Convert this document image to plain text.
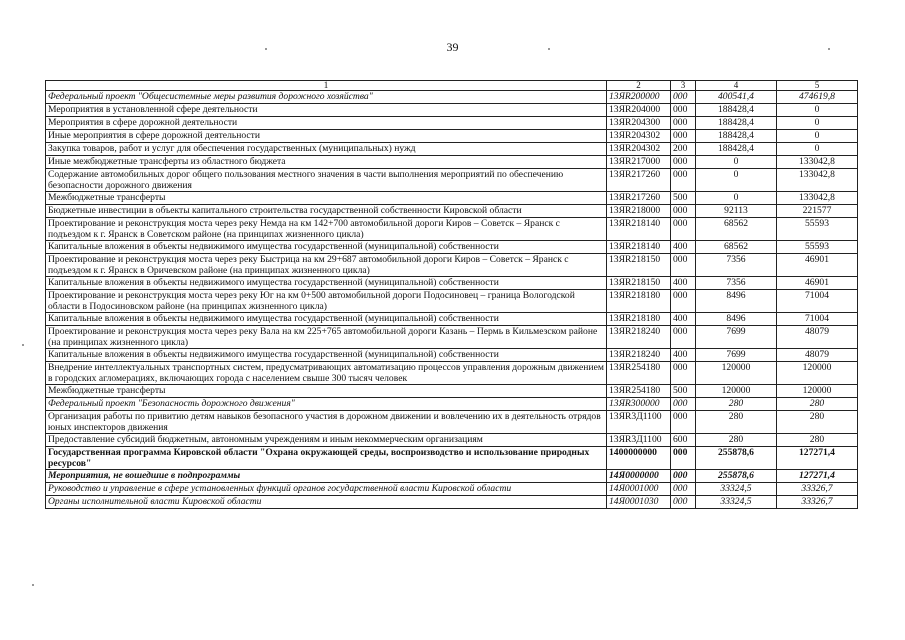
39
1	2	3	4	5
Федеральный проект "Общесистемные меры развития дорожного хозяйства"	13ЯR200000	000	400541,4	474619,8
Мероприятия в установленной сфере деятельности	13ЯR204000	000	188428,4	0
Мероприятия в сфере дорожной деятельности	13ЯR204300	000	188428,4	0
Иные мероприятия в сфере дорожной деятельности	13ЯR204302	000	188428,4	0
Закупка товаров, работ и услуг для обеспечения государственных (муниципальных) нужд	13ЯR204302	200	188428,4	0
Иные межбюджетные трансферты из областного бюджета	13ЯR217000	000	0	133042,8
Содержание автомобильных дорог общего пользования местного значения в части выполнения мероприятий по обеспечению безопасности дорожного движения	13ЯR217260	000	0	133042,8
Межбюджетные трансферты	13ЯR217260	500	0	133042,8
Бюджетные инвестиции в объекты капитального строительства государственной собственности Кировской области	13ЯR218000	000	92113	221577
Проектирование и реконструкция моста через реку Немда на км 142+700 автомобильной дороги Киров – Советск – Яранск с подъездом к г. Яранск в Советском районе (на принципах жизненного цикла)	13ЯR218140	000	68562	55593
Капитальные вложения в объекты недвижимого имущества государственной (муниципальной) собственности	13ЯR218140	400	68562	55593
Проектирование и реконструкция моста через реку Быстрица на км 29+687 автомобильной дороги Киров – Советск – Яранск с подъездом к г. Яранск в Оричевском районе (на принципах жизненного цикла)	13ЯR218150	000	7356	46901
Капитальные вложения в объекты недвижимого имущества государственной (муниципальной) собственности	13ЯR218150	400	7356	46901
Проектирование и реконструкция моста через реку Юг на км 0+500 автомобильной дороги Подосиновец – граница Вологодской области в Подосиновском районе (на принципах жизненного цикла)	13ЯR218180	000	8496	71004
Капитальные вложения в объекты недвижимого имущества государственной (муниципальной) собственности	13ЯR218180	400	8496	71004
Проектирование и реконструкция моста через реку Вала на км 225+765 автомобильной дороги Казань – Пермь в Кильмезском районе (на принципах жизненного цикла)	13ЯR218240	000	7699	48079
Капитальные вложения в объекты недвижимого имущества государственной (муниципальной) собственности	13ЯR218240	400	7699	48079
Внедрение интеллектуальных транспортных систем, предусматривающих автоматизацию процессов управления дорожным движением в городских агломерациях, включающих города с населением свыше 300 тысяч человек	13ЯR254180	000	120000	120000
Межбюджетные трансферты	13ЯR254180	500	120000	120000
Федеральный проект "Безопасность дорожного движения"	13ЯR300000	000	280	280
Организация работы по привитию детям навыков безопасного участия в дорожном движении и вовлечению их в деятельность отрядов юных инспекторов движения	13ЯR3Д1100	000	280	280
Предоставление субсидий бюджетным, автономным учреждениям и иным некоммерческим организациям	13ЯR3Д1100	600	280	280
Государственная программа Кировской области "Охрана окружающей среды, воспроизводство и использование природных ресурсов"	1400000000	000	255878,6	127271,4
Мероприятия, не вошедшие в подпрограммы	14Я0000000	000	255878,6	127271,4
Руководство и управление в сфере установленных функций органов государственной власти Кировской области	14Я0001000	000	33324,5	33326,7
Органы исполнительной власти Кировской области	14Я0001030	000	33324,5	33326,7
